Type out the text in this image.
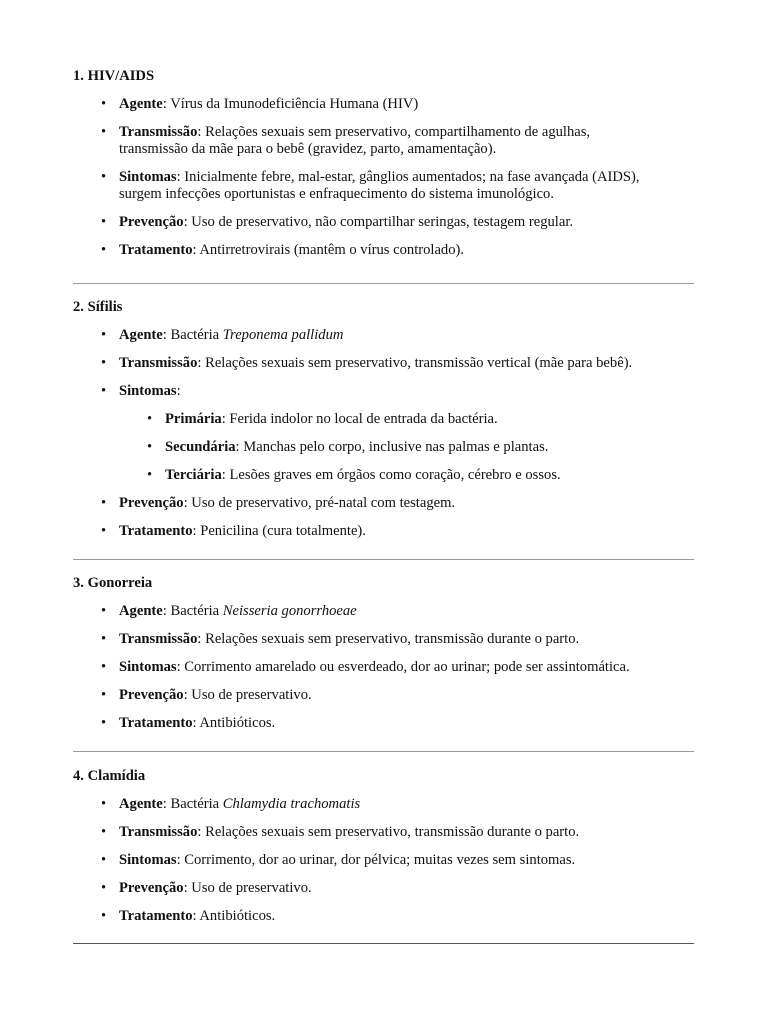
1. HIV/AIDS
• Agente: Vírus da Imunodeficiência Humana (HIV)
• Transmissão: Relações sexuais sem preservativo, compartilhamento de agulhas,
transmissão da mãe para o bebê (gravidez, parto, amamentação).
• Sintomas: Inicialmente febre, mal-estar, gânglios aumentados; na fase avançada (AIDS),
surgem infecções oportunistas e enfraquecimento do sistema imunológico.
• Prevenção: Uso de preservativo, não compartilhar seringas, testagem regular.
• Tratamento: Antirretrovirais (mantêm o vírus controlado).
2. Sífilis
• Agente: Bactéria Treponema pallidum
• Transmissão: Relações sexuais sem preservativo, transmissão vertical (mãe para bebê).
• Sintomas:
• Primária: Ferida indolor no local de entrada da bactéria.
• Secundária: Manchas pelo corpo, inclusive nas palmas e plantas.
• Terciária: Lesões graves em órgãos como coração, cérebro e ossos.
• Prevenção: Uso de preservativo, pré-natal com testagem.
• Tratamento: Penicilina (cura totalmente).
3. Gonorreia
• Agente: Bactéria Neisseria gonorrhoeae
• Transmissão: Relações sexuais sem preservativo, transmissão durante o parto.
• Sintomas: Corrimento amarelado ou esverdeado, dor ao urinar; pode ser assintomática.
• Prevenção: Uso de preservativo.
• Tratamento: Antibióticos.
4. Clamídia
• Agente: Bactéria Chlamydia trachomatis
• Transmissão: Relações sexuais sem preservativo, transmissão durante o parto.
• Sintomas: Corrimento, dor ao urinar, dor pélvica; muitas vezes sem sintomas.
• Prevenção: Uso de preservativo.
• Tratamento: Antibióticos.
